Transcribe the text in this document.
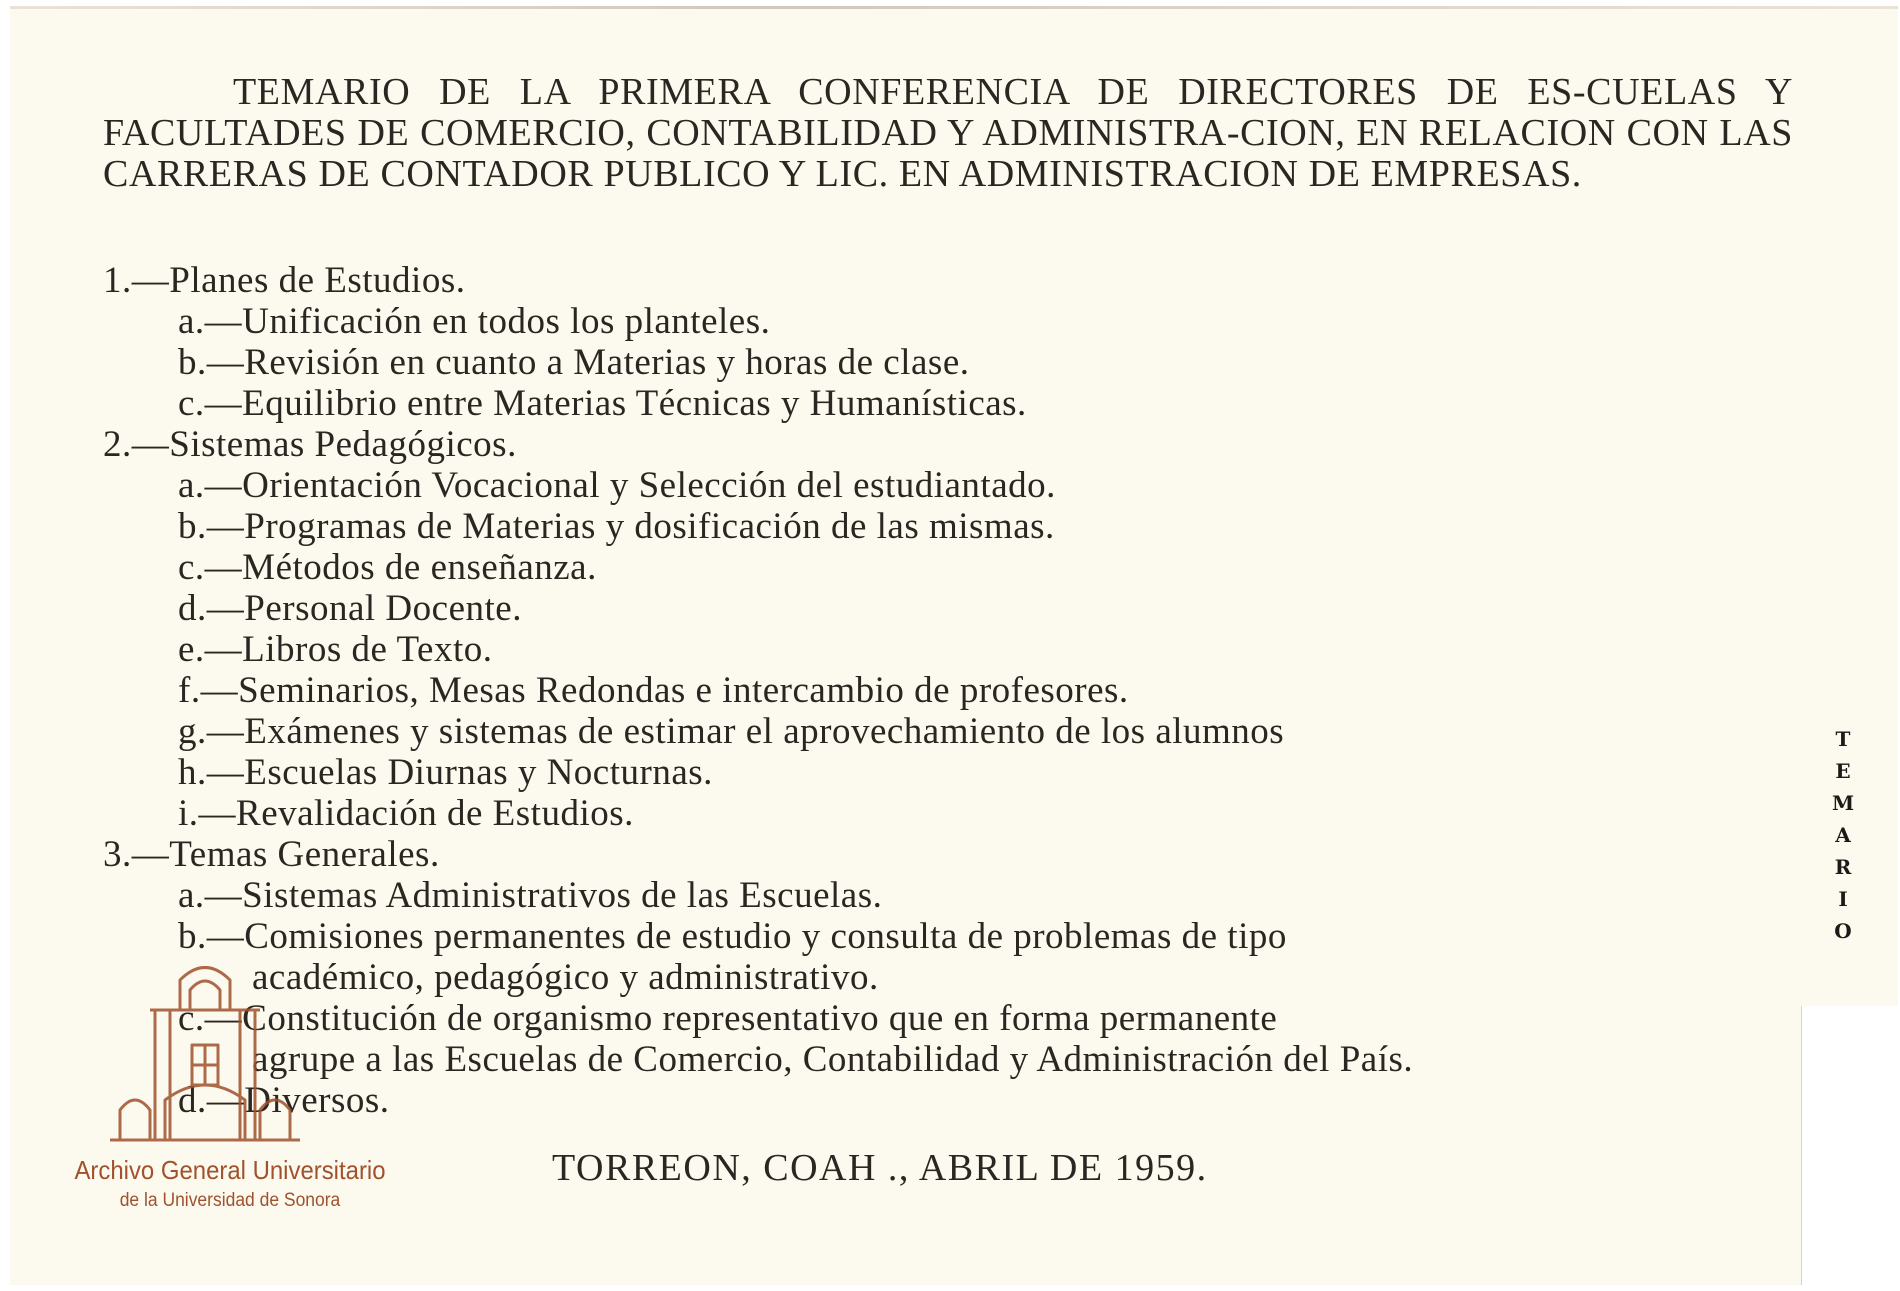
TEMARIO DE LA PRIMERA CONFERENCIA DE DIRECTORES DE ES-CUELAS Y FACULTADES DE COMERCIO, CONTABILIDAD Y ADMINISTRA-CION, EN RELACION CON LAS CARRERAS DE CONTADOR PUBLICO Y LIC. EN ADMINISTRACION DE EMPRESAS.

1.—Planes de Estudios.
a.—Unificación en todos los planteles.
b.—Revisión en cuanto a Materias y horas de clase.
c.—Equilibrio entre Materias Técnicas y Humanísticas.
2.—Sistemas Pedagógicos.
a.—Orientación Vocacional y Selección del estudiantado.
b.—Programas de Materias y dosificación de las mismas.
c.—Métodos de enseñanza.
d.—Personal Docente.
e.—Libros de Texto.
f.—Seminarios, Mesas Redondas e intercambio de profesores.
g.—Exámenes y sistemas de estimar el aprovechamiento de los alumnos
h.—Escuelas Diurnas y Nocturnas.
i.—Revalidación de Estudios.
3.—Temas Generales.
a.—Sistemas Administrativos de las Escuelas.
b.—Comisiones permanentes de estudio y consulta de problemas de tipo
académico, pedagógico y administrativo.
c.—Constitución de organismo representativo que en forma permanente
agrupe a las Escuelas de Comercio, Contabilidad y Administración del País.
d.—Diversos.
TORREON, COAH ., ABRIL DE 1959.
T
E
M
A
R
I
O
Archivo General Universitario
de la Universidad de Sonora
